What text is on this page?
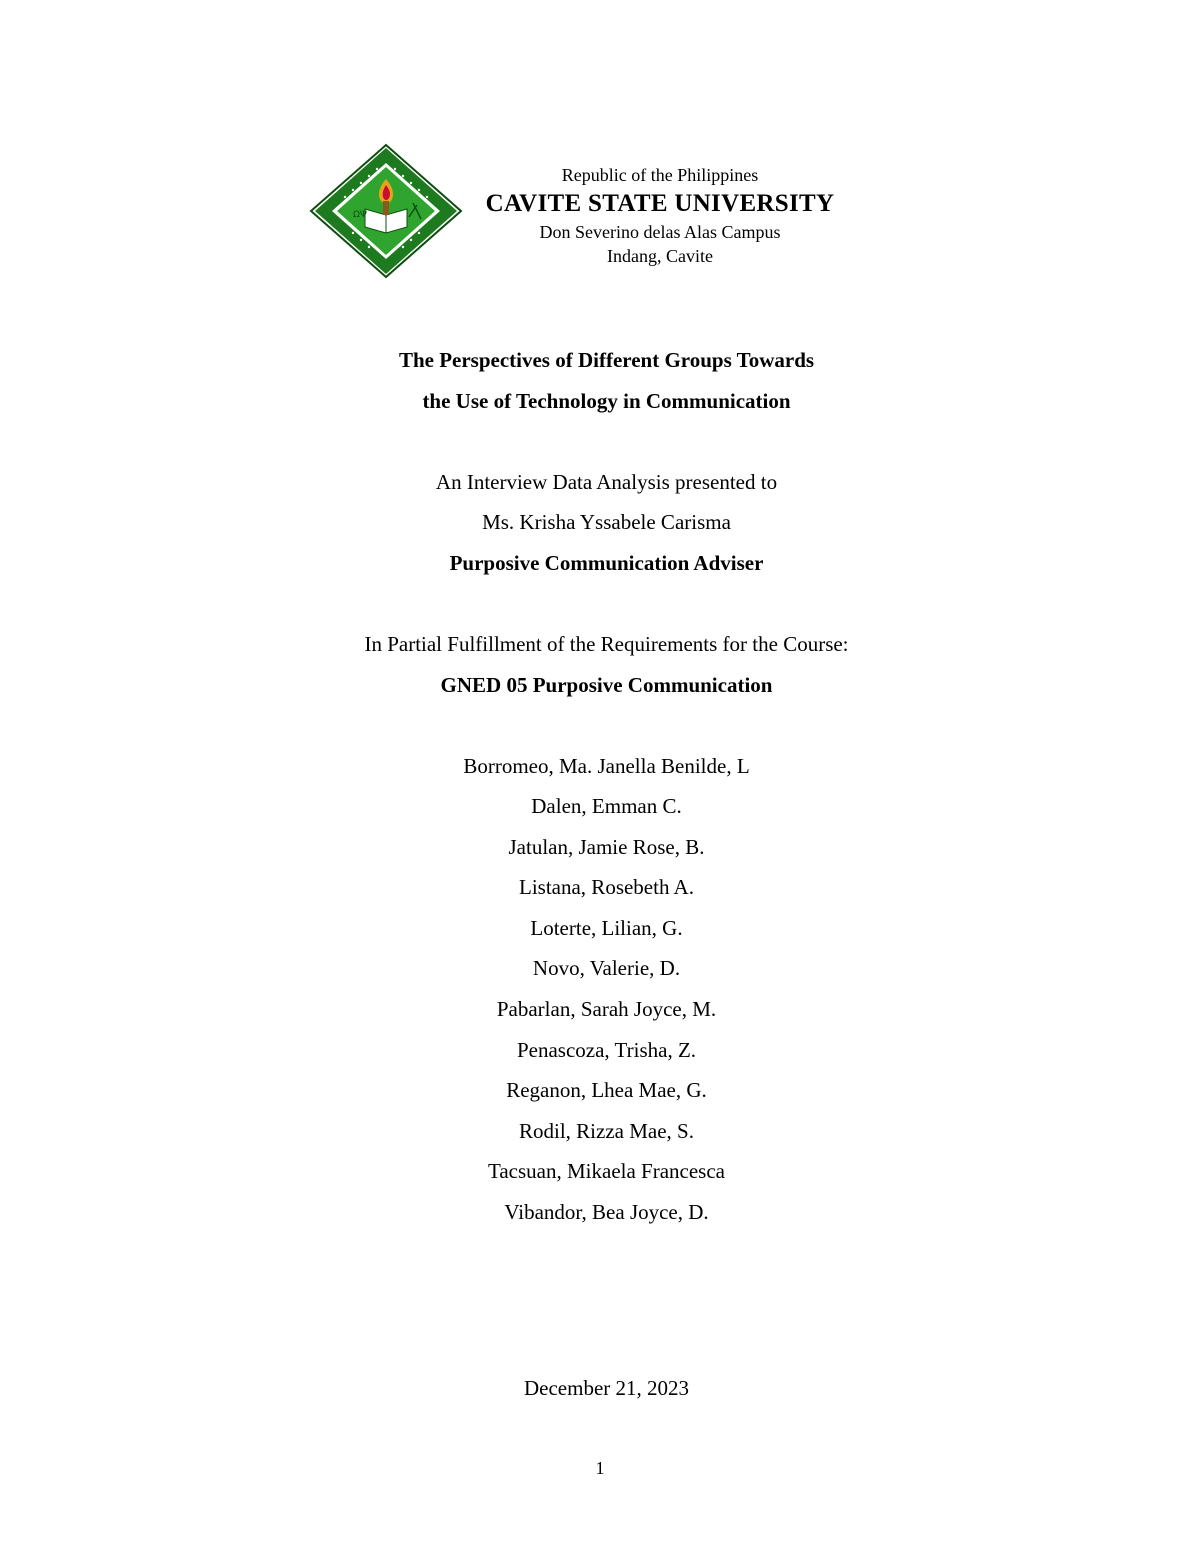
ΩΨ
Republic of the Philippines
CAVITE STATE UNIVERSITY
Don Severino delas Alas Campus
Indang, Cavite
The Perspectives of Different Groups Towards
the Use of Technology in Communication
An Interview Data Analysis presented to
Ms. Krisha Yssabele Carisma
Purposive Communication Adviser
In Partial Fulfillment of the Requirements for the Course:
GNED 05 Purposive Communication
Borromeo, Ma. Janella Benilde, L
Dalen, Emman C.
Jatulan, Jamie Rose, B.
Listana, Rosebeth A.
Loterte, Lilian, G.
Novo, Valerie, D.
Pabarlan, Sarah Joyce, M.
Penascoza, Trisha, Z.
Reganon, Lhea Mae, G.
Rodil, Rizza Mae, S.
Tacsuan, Mikaela Francesca
Vibandor, Bea Joyce, D.
December 21, 2023
1
